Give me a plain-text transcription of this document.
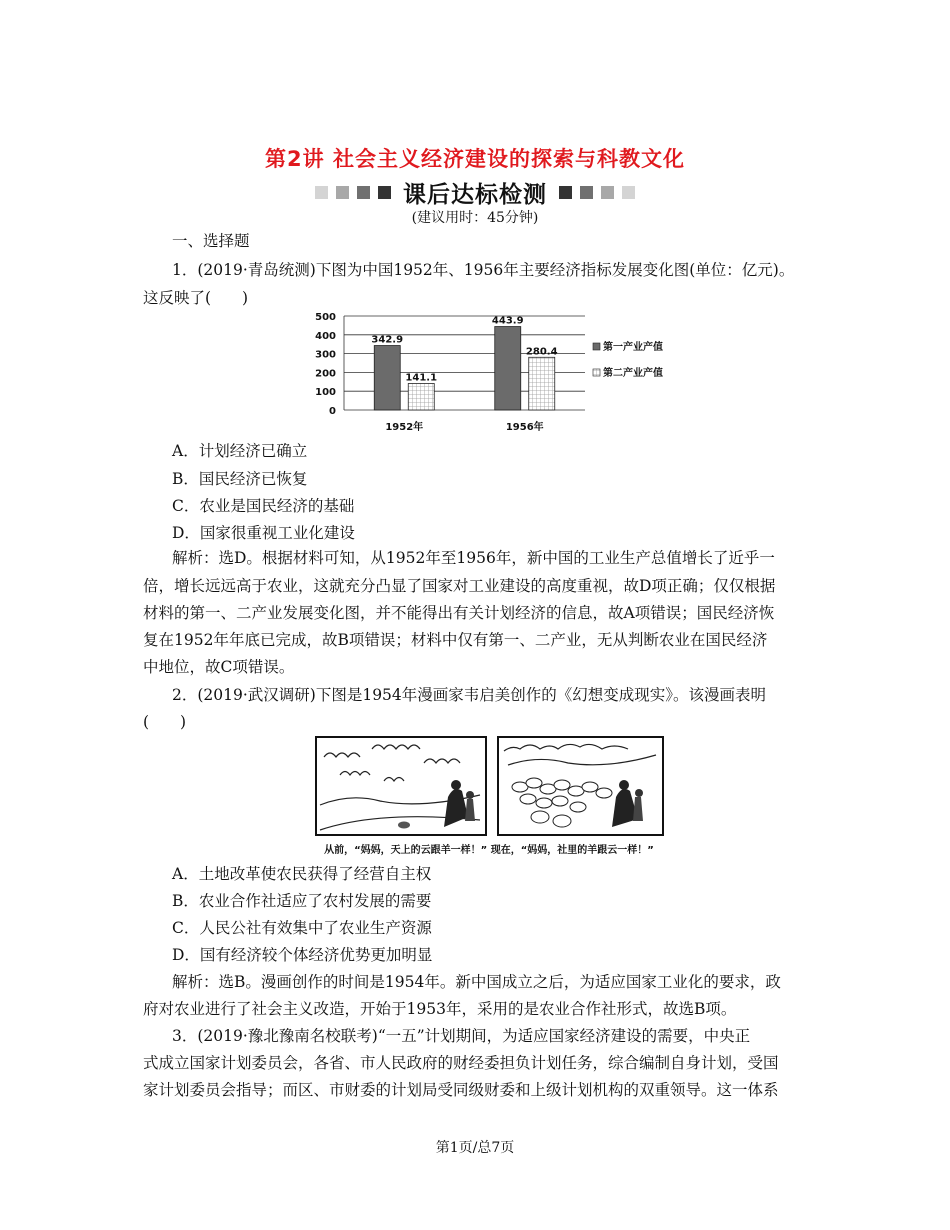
第2讲 社会主义经济建设的探索与科教文化
课后达标检测
(建议用时：45分钟)
一、选择题
1．(2019·青岛统测)下图为中国1952年、1956年主要经济指标发展变化图(单位：亿元)。
这反映了(　　)
0
100
200
300
400
500
342.9
141.1
1952年
443.9
280.4
1956年
第一产业产值
第二产业产值
A．计划经济已确立
B．国民经济已恢复
C．农业是国民经济的基础
D．国家很重视工业化建设
解析：选D。根据材料可知，从1952年至1956年，新中国的工业生产总值增长了近乎一
倍，增长远远高于农业，这就充分凸显了国家对工业建设的高度重视，故D项正确；仅仅根据
材料的第一、二产业发展变化图，并不能得出有关计划经济的信息，故A项错误；国民经济恢
复在1952年年底已完成，故B项错误；材料中仅有第一、二产业，无从判断农业在国民经济
中地位，故C项错误。
2．(2019·武汉调研)下图是1954年漫画家韦启美创作的《幻想变成现实》。该漫画表明
(　　)
从前，“妈妈，天上的云跟羊一样！” 现在，“妈妈，社里的羊跟云一样！”
A．土地改革使农民获得了经营自主权
B．农业合作社适应了农村发展的需要
C．人民公社有效集中了农业生产资源
D．国有经济较个体经济优势更加明显
解析：选B。漫画创作的时间是1954年。新中国成立之后，为适应国家工业化的要求，政
府对农业进行了社会主义改造，开始于1953年，采用的是农业合作社形式，故选B项。
3．(2019·豫北豫南名校联考)“一五”计划期间，为适应国家经济建设的需要，中央正
式成立国家计划委员会，各省、市人民政府的财经委担负计划任务，综合编制自身计划，受国
家计划委员会指导；而区、市财委的计划局受同级财委和上级计划机构的双重领导。这一体系
第1页/总7页
